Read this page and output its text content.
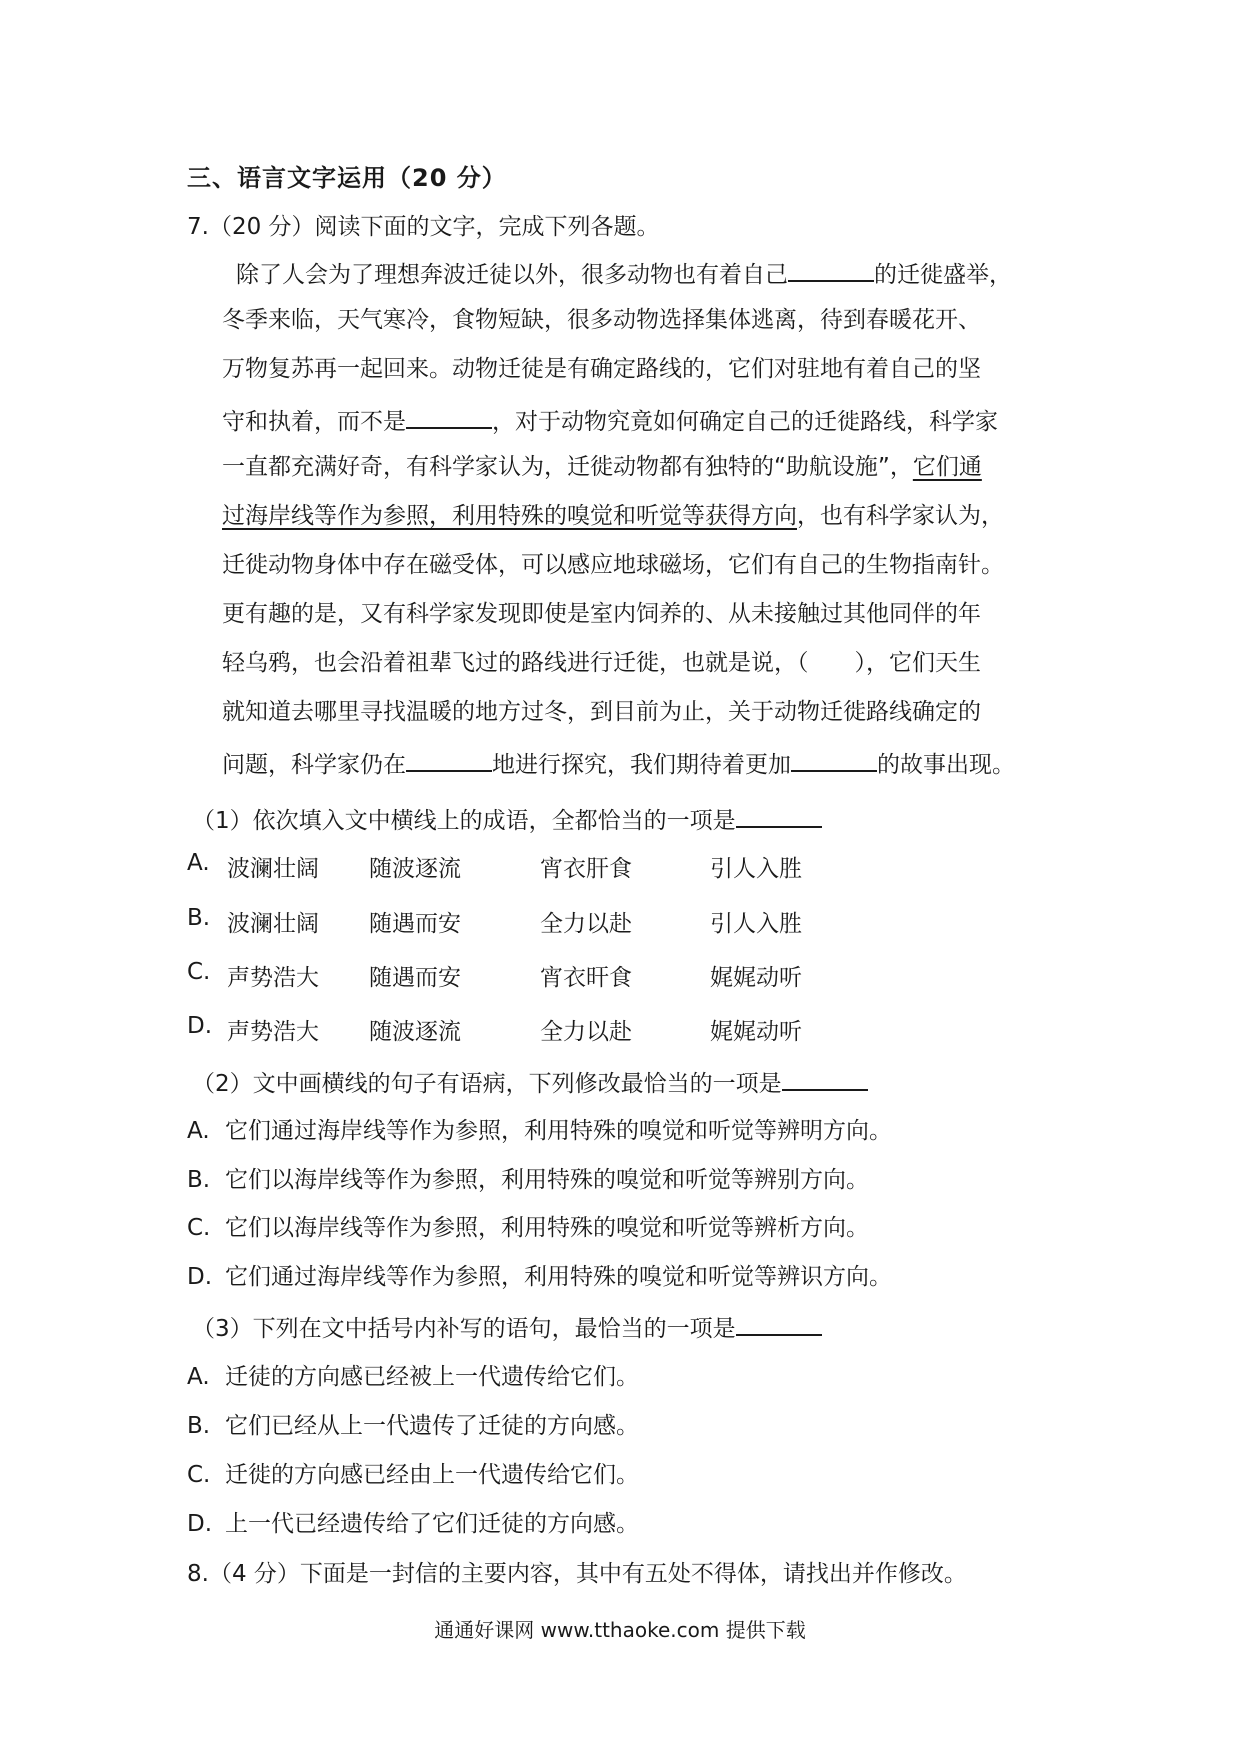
三、语言文字运用（20 分）
7.（20 分）阅读下面的文字，完成下列各题。
除了人会为了理想奔波迁徒以外，很多动物也有着自己	的迁徙盛举，
冬季来临，天气寒冷，食物短缺，很多动物选择集体逃离，待到春暖花开、
万物复苏再一起回来。动物迁徒是有确定路线的，它们对驻地有着自己的坚
守和执着，而不是	，对于动物究竟如何确定自己的迁徙路线，科学家
一直都充满好奇，有科学家认为，迁徙动物都有独特的“助航设施”，它们通
过海岸线等作为参照，利用特殊的嗅觉和听觉等获得方向，也有科学家认为，
迁徙动物身体中存在磁受体，可以感应地球磁场，它们有自己的生物指南针。
更有趣的是，又有科学家发现即使是室内饲养的、从未接触过其他同伴的年
轻乌鸦，也会沿着祖辈飞过的路线进行迁徙，也就是说，（　　），它们天生
就知道去哪里寻找温暖的地方过冬，到目前为止，关于动物迁徙路线确定的
问题，科学家仍在	地进行探究，我们期待着更加	的故事出现。
（1）依次填入文中横线上的成语，全都恰当的一项是
A. 波澜壮阔 随波逐流	宵衣肝食	引人入胜
B. 波澜壮阔 随遇而安	全力以赴	引人入胜
C. 声势浩大 随遇而安	宵衣旰食	娓娓动听
D. 声势浩大 随波逐流	全力以赴	娓娓动听
（2）文中画横线的句子有语病，下列修改最恰当的一项是
A. 它们通过海岸线等作为参照，利用特殊的嗅觉和听觉等辨明方向。
B. 它们以海岸线等作为参照，利用特殊的嗅觉和听觉等辨别方向。
C. 它们以海岸线等作为参照，利用特殊的嗅觉和听觉等辨析方向。
D. 它们通过海岸线等作为参照，利用特殊的嗅觉和听觉等辨识方向。
（3）下列在文中括号内补写的语句，最恰当的一项是
A. 迁徒的方向感已经被上一代遗传给它们。
B. 它们已经从上一代遗传了迁徒的方向感。
C. 迁徙的方向感已经由上一代遗传给它们。
D. 上一代已经遗传给了它们迁徒的方向感。
8.（4 分）下面是一封信的主要内容，其中有五处不得体，请找出并作修改。
通通好课网 www.tthaoke.com 提供下载
